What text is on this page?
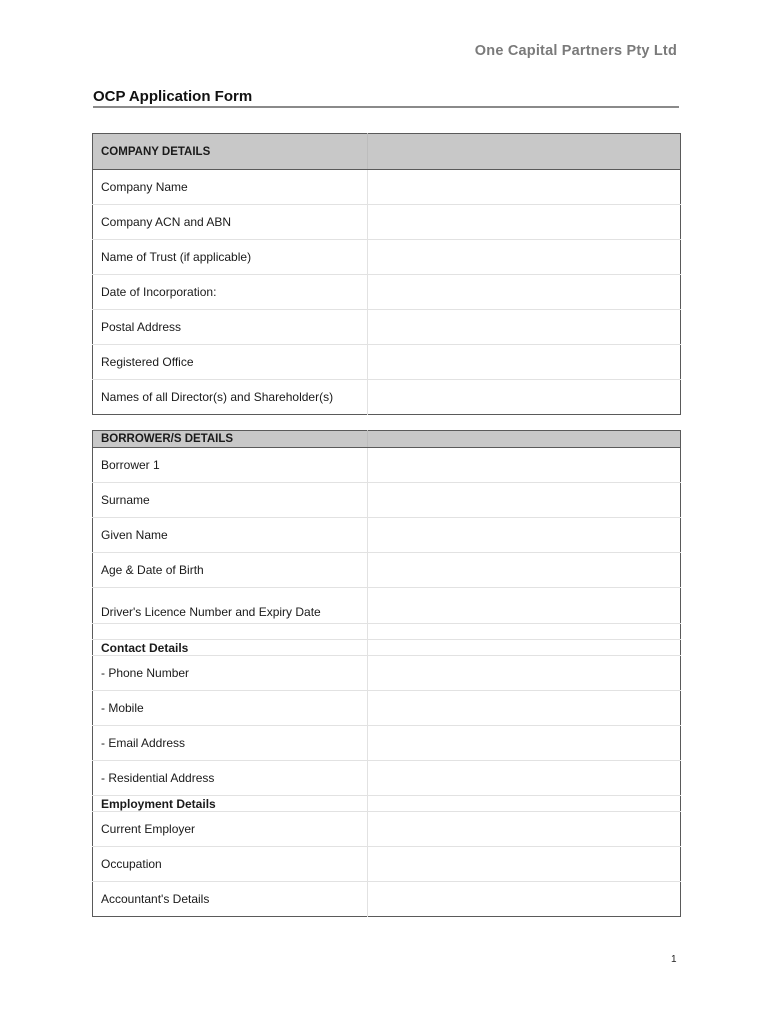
One Capital Partners Pty Ltd
OCP Application Form
COMPANY DETAILS	
Company Name	
Company ACN and ABN	
Name of Trust (if applicable)	
Date of Incorporation:	
Postal Address	
Registered Office	
Names of all Director(s) and Shareholder(s)	
BORROWER/S DETAILS	
Borrower 1	
Surname	
Given Name	
Age & Date of Birth	
Driver's Licence Number and Expiry Date	

Contact Details	
- Phone Number	
- Mobile	
- Email Address	
- Residential Address	
Employment Details	
Current Employer	
Occupation	
Accountant's Details	
1
